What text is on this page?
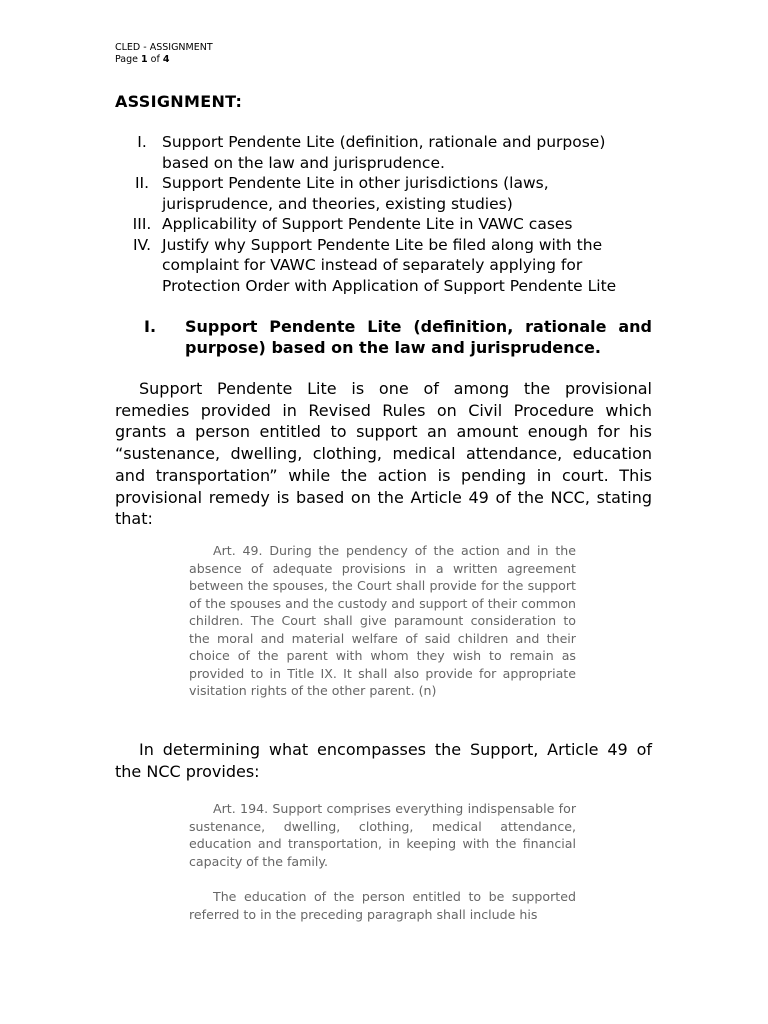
CLED - ASSIGNMENT
Page 1 of 4
ASSIGNMENT:
I. Support Pendente Lite (definition, rationale and purpose) based on the law and jurisprudence.
II. Support Pendente Lite in other jurisdictions (laws, jurisprudence, and theories, existing studies)
III. Applicability of Support Pendente Lite in VAWC cases
IV. Justify why Support Pendente Lite be filed along with the complaint for VAWC instead of separately applying for Protection Order with Application of Support Pendente Lite
I.	Support Pendente Lite (definition, rationale and purpose) based on the law and jurisprudence.
Support Pendente Lite is one of among the provisional remedies provided in Revised Rules on Civil Procedure which grants a person entitled to support an amount enough for his “sustenance, dwelling, clothing, medical attendance, education and transportation” while the action is pending in court. This provisional remedy is based on the Article 49 of the NCC, stating that:
Art. 49. During the pendency of the action and in the absence of adequate provisions in a written agreement between the spouses, the Court shall provide for the support of the spouses and the custody and support of their common children. The Court shall give paramount consideration to the moral and material welfare of said children and their choice of the parent with whom they wish to remain as provided to in Title IX. It shall also provide for appropriate visitation rights of the other parent. (n)
In determining what encompasses the Support, Article 49 of the NCC provides:
Art. 194. Support comprises everything indispensable for sustenance, dwelling, clothing, medical attendance, education and transportation, in keeping with the financial capacity of the family.
The education of the person entitled to be supported referred to in the preceding paragraph shall include his
